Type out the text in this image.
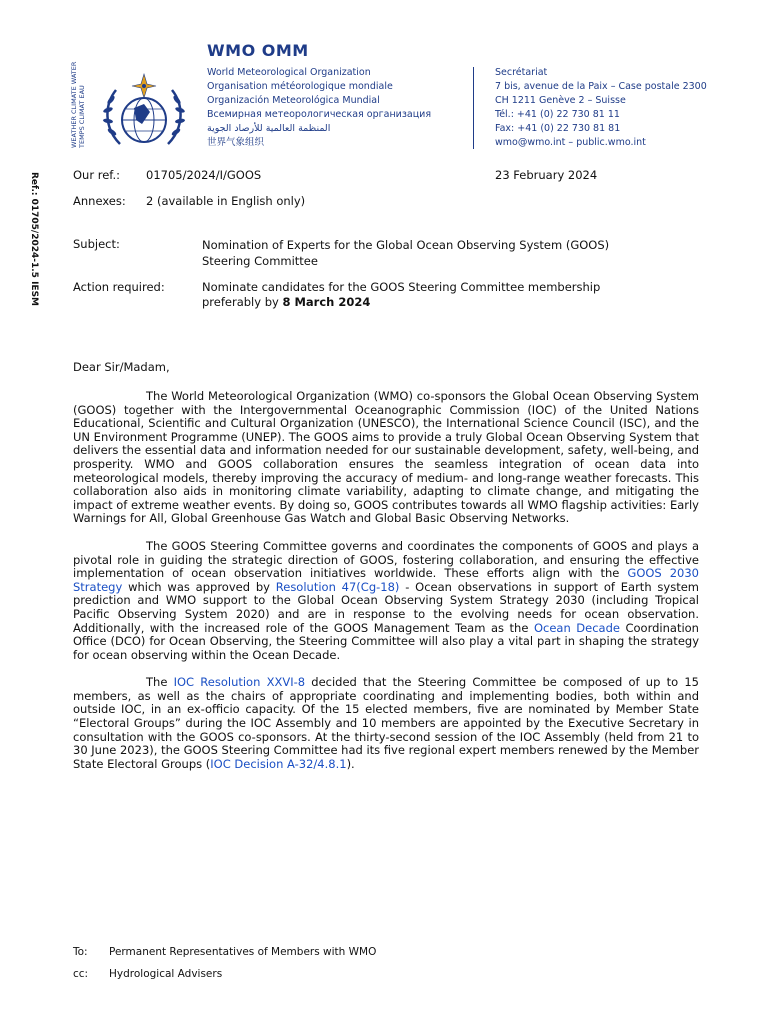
WEATHER CLIMATE WATER TEMPS CLIMAT EAU
WMO OMM
World Meteorological Organization
Organisation météorologique mondiale
Organización Meteorológica Mundial
Всемирная метеорологическая организация
المنظمة العالمية للأرصاد الجوية
世界气象组织
Secrétariat
7 bis, avenue de la Paix – Case postale 2300
CH 1211 Genève 2 – Suisse
Tél.: +41 (0) 22 730 81 11
Fax: +41 (0) 22 730 81 81
wmo@wmo.int – public.wmo.int
Ref.: 01705/2024-1.5 IESM	Our ref.: 01705/2024/I/GOOS	23 February 2024
Annexes: 2 (available in English only)
Subject:	Nomination of Experts for the Global Ocean Observing System (GOOS)
Steering Committee
Action required:	Nominate candidates for the GOOS Steering Committee membership
preferably by 8 March 2024
Dear Sir/Madam,

The World Meteorological Organization (WMO) co-sponsors the Global Ocean Observing System (GOOS) together with the Intergovernmental Oceanographic Commission (IOC) of the United Nations Educational, Scientific and Cultural Organization (UNESCO), the International Science Council (ISC), and the UN Environment Programme (UNEP). The GOOS aims to provide a truly Global Ocean Observing System that delivers the essential data and information needed for our sustainable development, safety, well-being, and prosperity. WMO and GOOS collaboration ensures the seamless integration of ocean data into meteorological models, thereby improving the accuracy of medium- and long-range weather forecasts. This collaboration also aids in monitoring climate variability, adapting to climate change, and mitigating the impact of extreme weather events. By doing so, GOOS contributes towards all WMO flagship activities: Early Warnings for All, Global Greenhouse Gas Watch and Global Basic Observing Networks.

The GOOS Steering Committee governs and coordinates the components of GOOS and plays a pivotal role in guiding the strategic direction of GOOS, fostering collaboration, and ensuring the effective implementation of ocean observation initiatives worldwide. These efforts align with the GOOS 2030 Strategy which was approved by Resolution 47(Cg-18) - Ocean observations in support of Earth system prediction and WMO support to the Global Ocean Observing System Strategy 2030 (including Tropical Pacific Observing System 2020) and are in response to the evolving needs for ocean observation. Additionally, with the increased role of the GOOS Management Team as the Ocean Decade Coordination Office (DCO) for Ocean Observing, the Steering Committee will also play a vital part in shaping the strategy for ocean observing within the Ocean Decade.

The IOC Resolution XXVI-8 decided that the Steering Committee be composed of up to 15 members, as well as the chairs of appropriate coordinating and implementing bodies, both within and outside IOC, in an ex-officio capacity. Of the 15 elected members, five are nominated by Member State “Electoral Groups” during the IOC Assembly and 10 members are appointed by the Executive Secretary in consultation with the GOOS co-sponsors. At the thirty-second session of the IOC Assembly (held from 21 to 30 June 2023), the GOOS Steering Committee had its five regional expert members renewed by the Member State Electoral Groups (IOC Decision A-32/4.8.1).

To: Permanent Representatives of Members with WMO
cc: Hydrological Advisers
